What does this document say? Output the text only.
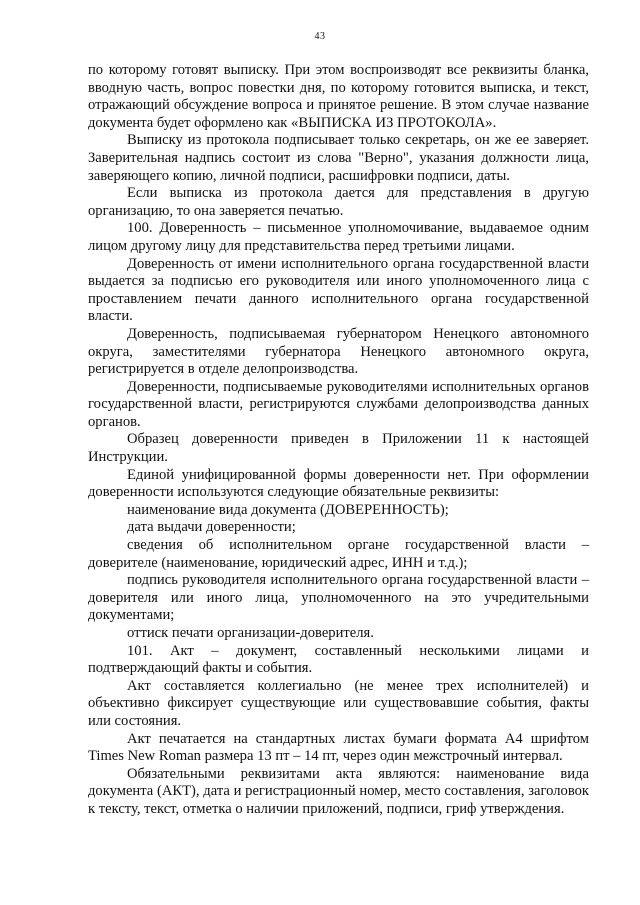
43

по которому готовят выписку. При этом воспроизводят все реквизиты бланка, вводную часть, вопрос повестки дня, по которому готовится выписка, и текст, отражающий обсуждение вопроса и принятое решение. В этом случае название документа будет оформлено как «ВЫПИСКА ИЗ ПРОТОКОЛА».

Выписку из протокола подписывает только секретарь, он же ее заверяет. Заверительная надпись состоит из слова "Верно", указания должности лица, заверяющего копию, личной подписи, расшифровки подписи, даты.

Если выписка из протокола дается для представления в другую организацию, то она заверяется печатью.

100. Доверенность – письменное уполномочивание, выдаваемое одним лицом другому лицу для представительства перед третьими лицами.

Доверенность от имени исполнительного органа государственной власти выдается за подписью его руководителя или иного уполномоченного лица с проставлением печати данного исполнительного органа государственной власти.

Доверенность, подписываемая губернатором Ненецкого автономного округа, заместителями губернатора Ненецкого автономного округа, регистрируется в отделе делопроизводства.

Доверенности, подписываемые руководителями исполнительных органов государственной власти, регистрируются службами делопроизводства данных органов.

Образец доверенности приведен в Приложении 11 к настоящей Инструкции.

Единой унифицированной формы доверенности нет. При оформлении доверенности используются следующие обязательные реквизиты:

наименование вида документа (ДОВЕРЕННОСТЬ);

дата выдачи доверенности;

сведения об исполнительном органе государственной власти – доверителе (наименование, юридический адрес, ИНН и т.д.);

подпись руководителя исполнительного органа государственной власти – доверителя или иного лица, уполномоченного на это учредительными документами;

оттиск печати организации-доверителя.

101. Акт – документ, составленный несколькими лицами и подтверждающий факты и события.

Акт составляется коллегиально (не менее трех исполнителей) и объективно фиксирует существующие или существовавшие события, факты или состояния.

Акт печатается на стандартных листах бумаги формата А4 шрифтом Times New Roman размера 13 пт – 14 пт, через один межстрочный интервал.

Обязательными реквизитами акта являются: наименование вида документа (АКТ), дата и регистрационный номер, место составления, заголовок к тексту, текст, отметка о наличии приложений, подписи, гриф утверждения.
